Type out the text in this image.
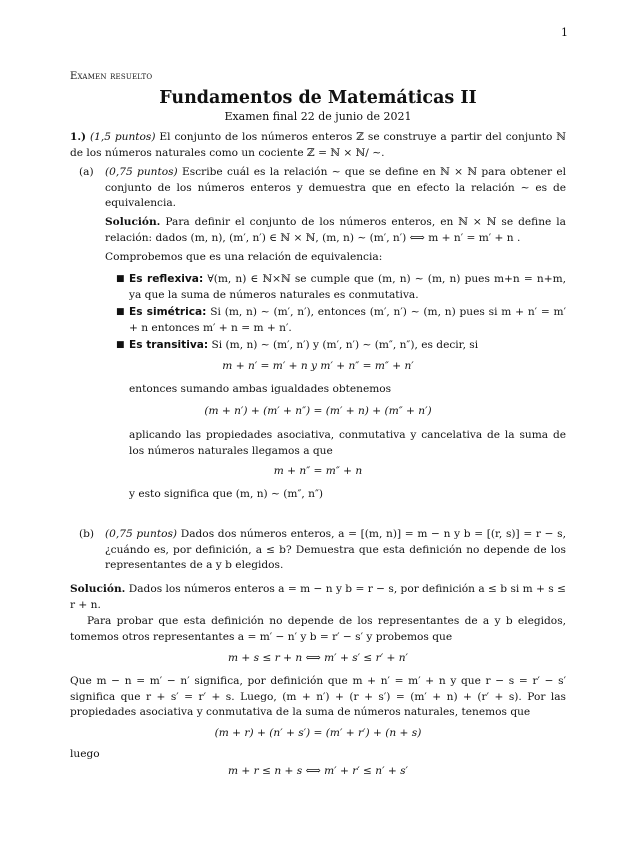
1
Examen resuelto
Fundamentos de Matemáticas II
Examen final 22 de junio de 2021
1.) (1,5 puntos) El conjunto de los números enteros ℤ se construye a partir del conjunto ℕ de los números naturales como un cociente ℤ = ℕ × ℕ/ ∼.
(a) (0,75 puntos) Escribe cuál es la relación ∼ que se define en ℕ × ℕ para obtener el conjunto de los números enteros y demuestra que en efecto la relación ∼ es de equivalencia.
Solución. Para definir el conjunto de los números enteros, en ℕ × ℕ se define la relación: dados (m, n), (m′, n′) ∈ ℕ × ℕ, (m, n) ∼ (m′, n′) ⟺ m + n′ = m′ + n .
Comprobemos que es una relación de equivalencia:
■ Es reflexiva: ∀(m, n) ∈ ℕ×ℕ se cumple que (m, n) ∼ (m, n) pues m+n = n+m, ya que la suma de números naturales es conmutativa.
■ Es simétrica: Si (m, n) ∼ (m′, n′), entonces (m′, n′) ∼ (m, n) pues si m + n′ = m′ + n entonces m′ + n = m + n′.
■ Es transitiva: Si (m, n) ∼ (m′, n′) y (m′, n′) ∼ (m″, n″), es decir, si
m + n′ = m′ + n y m′ + n″ = m″ + n′
entonces sumando ambas igualdades obtenemos
(m + n′) + (m′ + n″) = (m′ + n) + (m″ + n′)
aplicando las propiedades asociativa, conmutativa y cancelativa de la suma de los números naturales llegamos a que
m + n″ = m″ + n
y esto significa que (m, n) ∼ (m″, n″)
(b) (0,75 puntos) Dados dos números enteros, a = [(m, n)] = m − n y b = [(r, s)] = r − s, ¿cuándo es, por definición, a ≤ b? Demuestra que esta definición no depende de los representantes de a y b elegidos.
Solución. Dados los números enteros a = m − n y b = r − s, por definición a ≤ b si m + s ≤ r + n.
Para probar que esta definición no depende de los representantes de a y b elegidos, tomemos otros representantes a = m′ − n′ y b = r′ − s′ y probemos que
m + s ≤ r + n ⟺ m′ + s′ ≤ r′ + n′
Que m − n = m′ − n′ significa, por definición que m + n′ = m′ + n y que r − s = r′ − s′ significa que r + s′ = r′ + s. Luego, (m + n′) + (r + s′) = (m′ + n) + (r′ + s). Por las propiedades asociativa y conmutativa de la suma de números naturales, tenemos que
(m + r) + (n′ + s′) = (m′ + r′) + (n + s)
luego
m + r ≤ n + s ⟺ m′ + r′ ≤ n′ + s′
